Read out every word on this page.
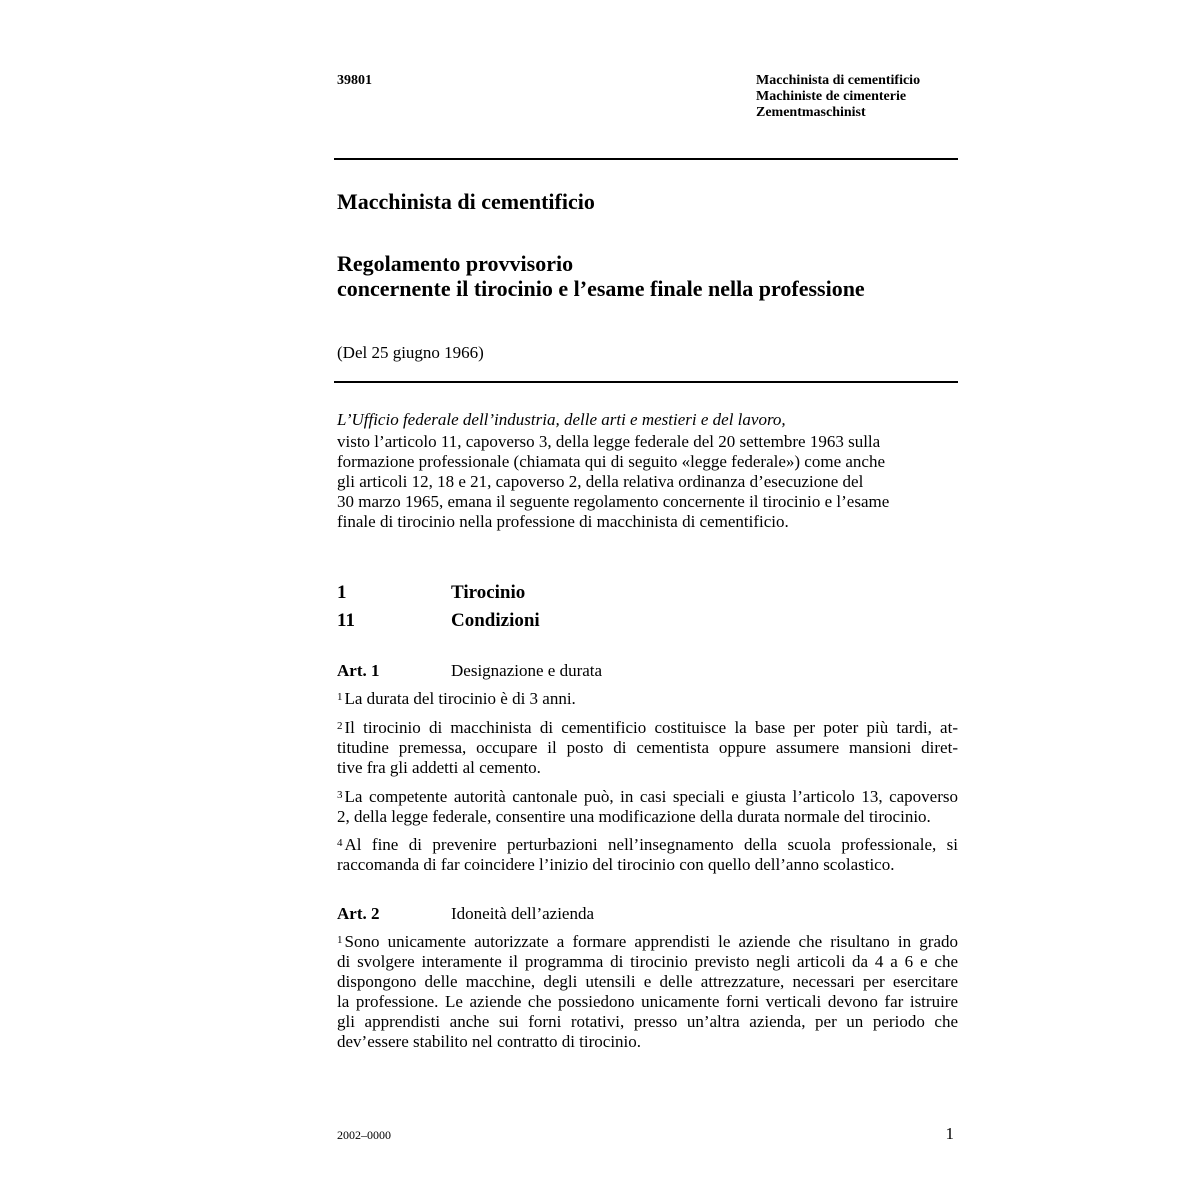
39801	Macchinista di cementificio
Machiniste de cimenterie
Zementmaschinist
Macchinista di cementificio
Regolamento provvisorio
concernente il tirocinio e l’esame finale nella professione
(Del 25 giugno 1966)
L’Ufficio federale dell’industria, delle arti e mestieri e del lavoro,
visto l’articolo 11, capoverso 3, della legge federale del 20 settembre 1963 sulla
formazione professionale (chiamata qui di seguito «legge federale») come anche
gli articoli 12, 18 e 21, capoverso 2, della relativa ordinanza d’esecuzione del
30 marzo 1965, emana il seguente regolamento concernente il tirocinio e l’esame
finale di tirocinio nella professione di macchinista di cementificio.
1	Tirocinio
11	Condizioni
Art. 1	Designazione e durata
$^1$ La durata del tirocinio è di 3 anni.
$^2$ Il tirocinio di macchinista di cementificio costituisce la base per poter più tardi, at-
titudine premessa, occupare il posto di cementista oppure assumere mansioni diret-
tive fra gli addetti al cemento.
$^3$ La competente autorità cantonale può, in casi speciali e giusta l’articolo 13, capoverso
2, della legge federale, consentire una modificazione della durata normale del tirocinio.
$^4$ Al fine di prevenire perturbazioni nell’insegnamento della scuola professionale, si
raccomanda di far coincidere l’inizio del tirocinio con quello dell’anno scolastico.
Art. 2	Idoneità dell’azienda
$^1$ Sono unicamente autorizzate a formare apprendisti le aziende che risultano in grado
di svolgere interamente il programma di tirocinio previsto negli articoli da 4 a 6 e che
dispongono delle macchine, degli utensili e delle attrezzature, necessari per esercitare
la professione. Le aziende che possiedono unicamente forni verticali devono far istruire
gli apprendisti anche sui forni rotativi, presso un’altra azienda, per un periodo che
dev’essere stabilito nel contratto di tirocinio.
2002–0000	1
